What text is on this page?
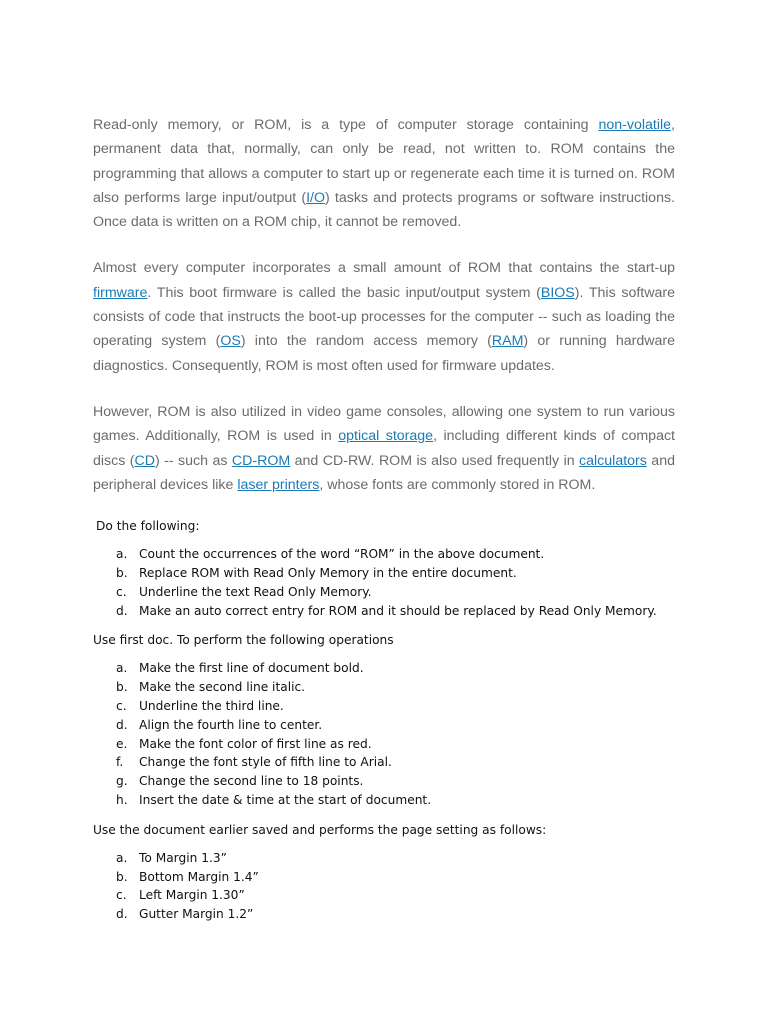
Read-only memory, or ROM, is a type of computer storage containing non-volatile, permanent data that, normally, can only be read, not written to. ROM contains the programming that allows a computer to start up or regenerate each time it is turned on. ROM also performs large input/output (I/O) tasks and protects programs or software instructions. Once data is written on a ROM chip, it cannot be removed.

Almost every computer incorporates a small amount of ROM that contains the start-up firmware. This boot firmware is called the basic input/output system (BIOS). This software consists of code that instructs the boot-up processes for the computer -- such as loading the operating system (OS) into the random access memory (RAM) or running hardware diagnostics. Consequently, ROM is most often used for firmware updates.

However, ROM is also utilized in video game consoles, allowing one system to run various games. Additionally, ROM is used in optical storage, including different kinds of compact discs (CD) -- such as CD-ROM and CD-RW. ROM is also used frequently in calculators and peripheral devices like laser printers, whose fonts are commonly stored in ROM.

Do the following:

a. Count the occurrences of the word “ROM” in the above document.
b. Replace ROM with Read Only Memory in the entire document.
c. Underline the text Read Only Memory.
d. Make an auto correct entry for ROM and it should be replaced by Read Only Memory.

Use first doc. To perform the following operations

a. Make the first line of document bold.
b. Make the second line italic.
c. Underline the third line.
d. Align the fourth line to center.
e. Make the font color of first line as red.
f. Change the font style of fifth line to Arial.
g. Change the second line to 18 points.
h. Insert the date & time at the start of document.

Use the document earlier saved and performs the page setting as follows:

a. To Margin 1.3”
b. Bottom Margin 1.4”
c. Left Margin 1.30”
d. Gutter Margin 1.2”
